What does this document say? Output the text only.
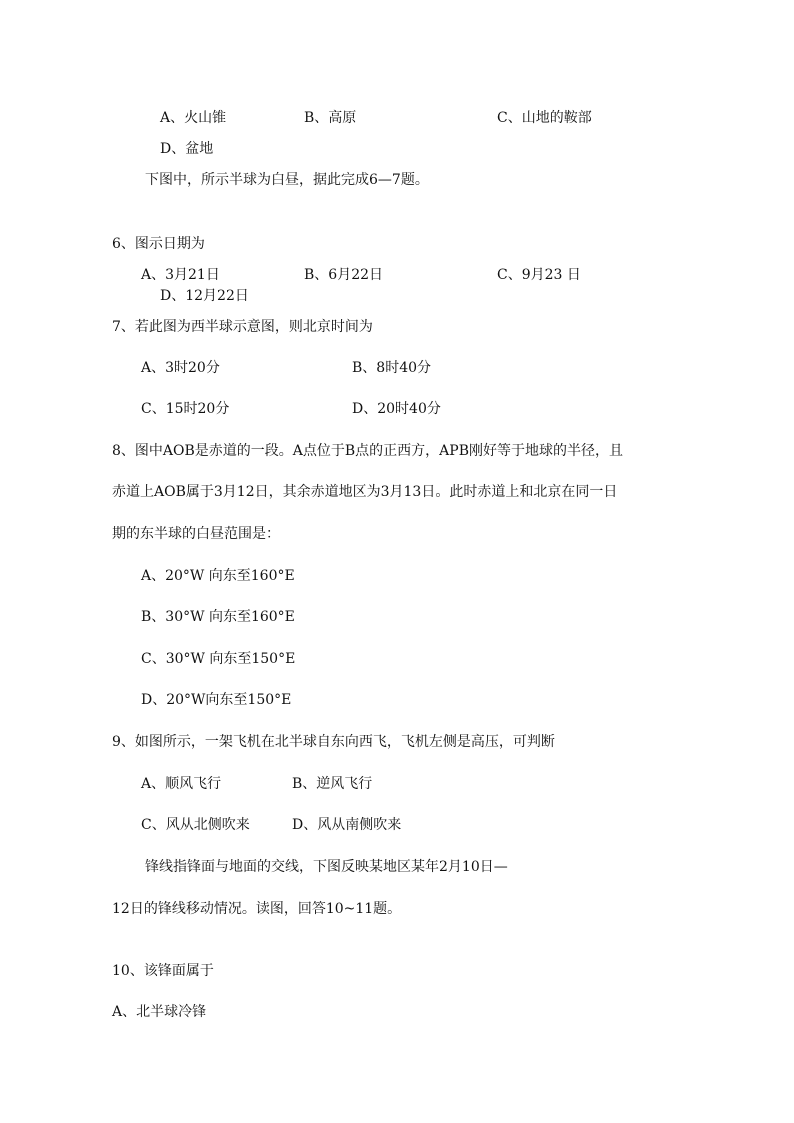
A、火山锥	B、高原	C、山地的鞍部
D、盆地
下图中，所示半球为白昼，据此完成6—7题。
6、图示日期为
A、3月21日	B、6月22日	C、9月23 日
D、12月22日
7、若此图为西半球示意图，则北京时间为
A、3时20分	B、8时40分
C、15时20分	D、20时40分
8、图中AOB是赤道的一段。A点位于B点的正西方，APB刚好等于地球的半径，且
赤道上AOB属于3月12日，其余赤道地区为3月13日。此时赤道上和北京在同一日
期的东半球的白昼范围是：
A、20°W 向东至160°E
B、30°W 向东至160°E
C、30°W 向东至150°E
D、20°W向东至150°E
9、如图所示，一架飞机在北半球自东向西飞，飞机左侧是高压，可判断
A、顺风飞行	B、逆风飞行
C、风从北侧吹来	D、风从南侧吹来
锋线指锋面与地面的交线，下图反映某地区某年2月10日—
12日的锋线移动情况。读图，回答10~11题。
10、该锋面属于
A、北半球冷锋
